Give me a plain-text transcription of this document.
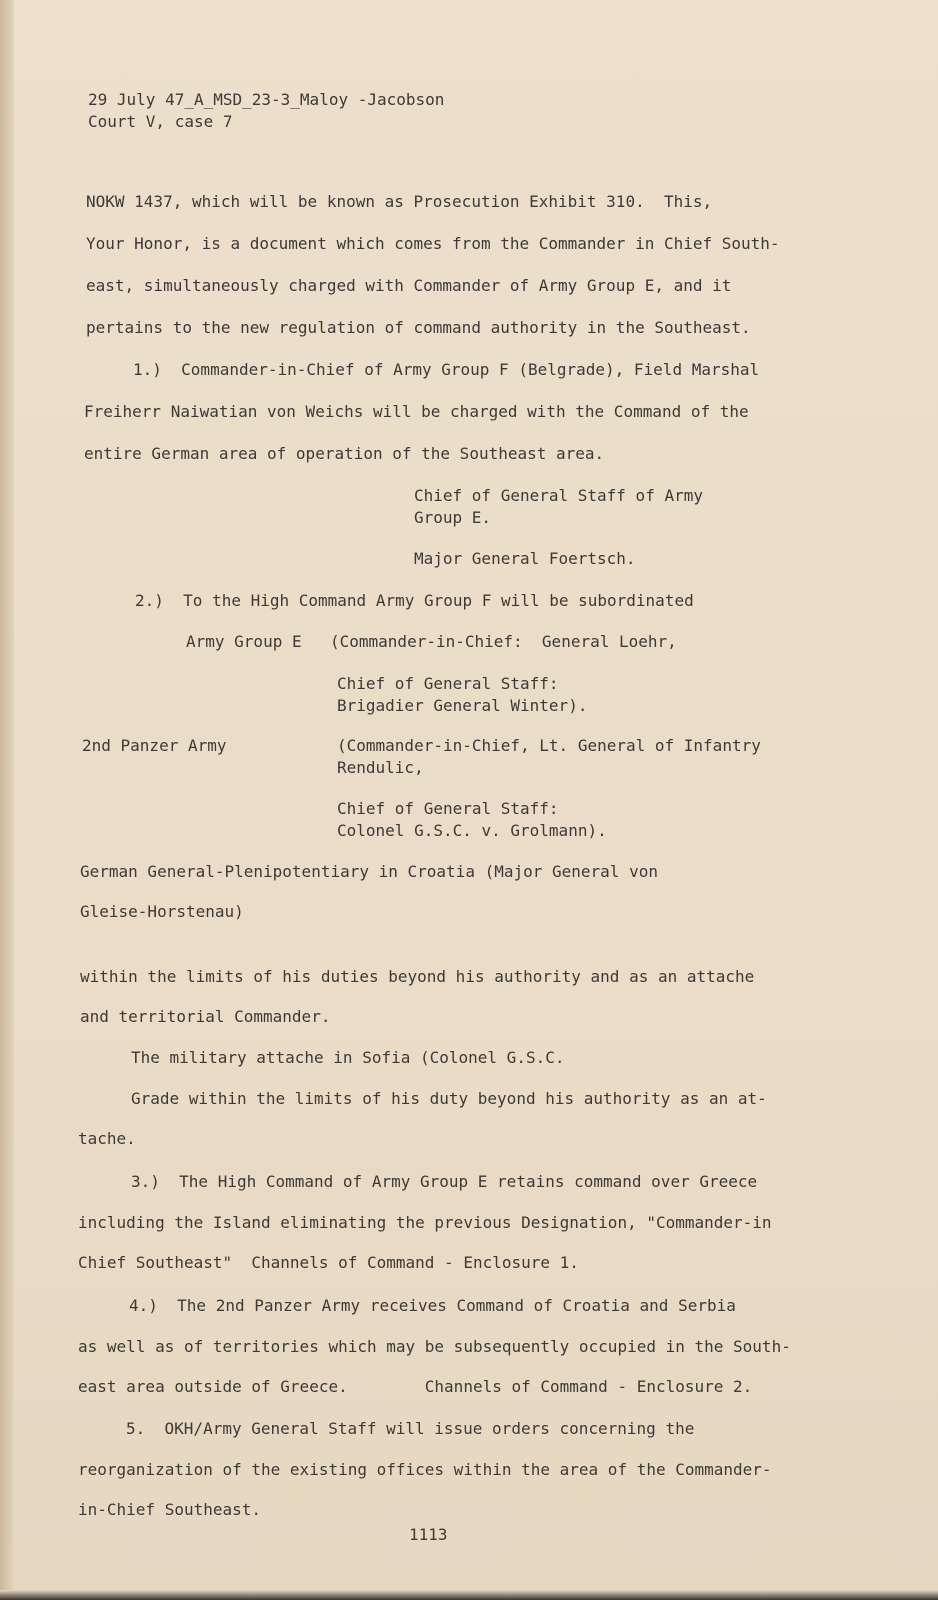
29 July 47_A_MSD_23-3_Maloy -Jacobson
Court V, case 7
NOKW 1437, which will be known as Prosecution Exhibit 310.  This,
Your Honor, is a document which comes from the Commander in Chief South-
east, simultaneously charged with Commander of Army Group E, and it
pertains to the new regulation of command authority in the Southeast.
1.)  Commander-in-Chief of Army Group F (Belgrade), Field Marshal
Freiherr Naiwatian von Weichs will be charged with the Command of the
entire German area of operation of the Southeast area.
Chief of General Staff of Army
Group E.
Major General Foertsch.
2.)  To the High Command Army Group F will be subordinated
Army Group E (Commander-in-Chief:  General Loehr,
Chief of General Staff:
Brigadier General Winter).
2nd Panzer Army	(Commander-in-Chief, Lt. General of Infantry
Rendulic,
Chief of General Staff:
Colonel G.S.C. v. Grolmann).
German General-Plenipotentiary in Croatia (Major General von
Gleise-Horstenau)
within the limits of his duties beyond his authority and as an attache
and territorial Commander.
The military attache in Sofia (Colonel G.S.C.
Grade within the limits of his duty beyond his authority as an at-
tache.
3.)  The High Command of Army Group E retains command over Greece
including the Island eliminating the previous Designation, "Commander-in
Chief Southeast"  Channels of Command - Enclosure 1.
4.)  The 2nd Panzer Army receives Command of Croatia and Serbia
as well as of territories which may be subsequently occupied in the South-
east area outside of Greece.        Channels of Command - Enclosure 2.
5.  OKH/Army General Staff will issue orders concerning the
reorganization of the existing offices within the area of the Commander-
in-Chief Southeast.
1113
